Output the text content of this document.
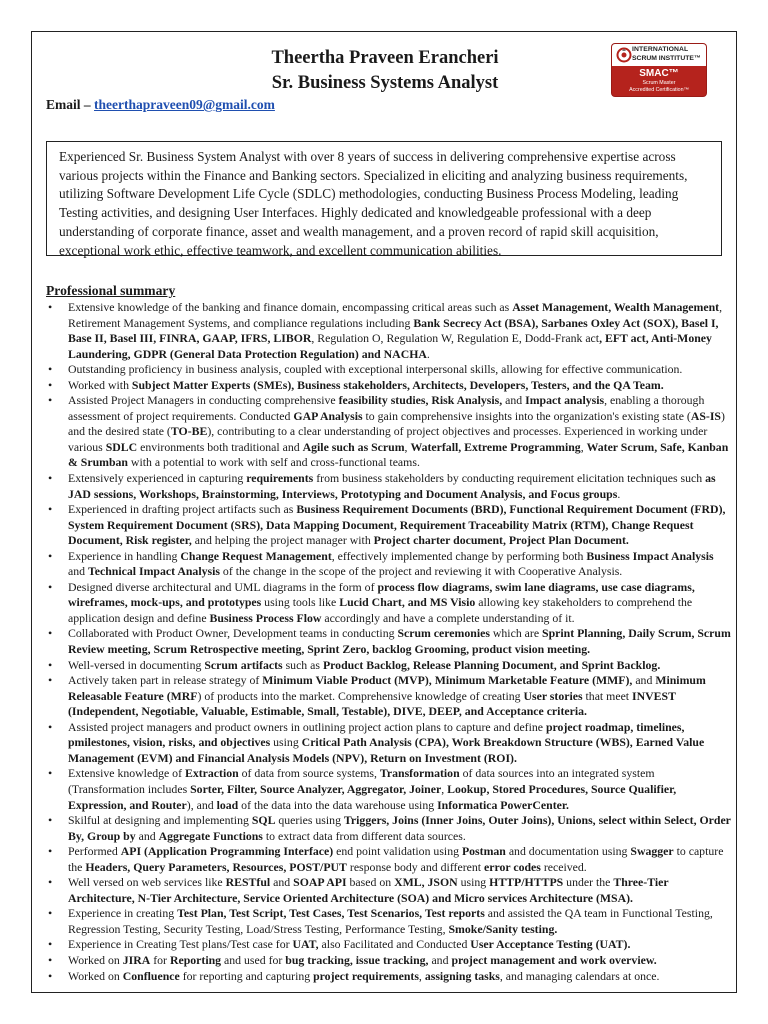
Theertha Praveen Erancheri
Sr. Business Systems Analyst
Email – theerthapraveen09@gmail.com
INTERNATIONAL
SCRUM INSTITUTE™
SMAC™
Scrum Master
Accredited Certification™
Experienced Sr. Business System Analyst with over 8 years of success in delivering comprehensive expertise across various projects within the Finance and Banking sectors. Specialized in eliciting and analyzing business requirements, utilizing Software Development Life Cycle (SDLC) methodologies, conducting Business Process Modeling, leading Testing activities, and designing User Interfaces. Highly dedicated and knowledgeable professional with a deep understanding of corporate finance, asset and wealth management, and a proven record of rapid skill acquisition, exceptional work ethic, effective teamwork, and excellent communication abilities.
Professional summary
• Extensive knowledge of the banking and finance domain, encompassing critical areas such as Asset Management, Wealth Management, Retirement Management Systems, and compliance regulations including Bank Secrecy Act (BSA), Sarbanes Oxley Act (SOX), Basel I, Base II, Basel III, FINRA, GAAP, IFRS, LIBOR, Regulation O, Regulation W, Regulation E, Dodd-Frank act, EFT act, Anti-Money Laundering, GDPR (General Data Protection Regulation) and NACHA.
• Outstanding proficiency in business analysis, coupled with exceptional interpersonal skills, allowing for effective communication.
• Worked with Subject Matter Experts (SMEs), Business stakeholders, Architects, Developers, Testers, and the QA Team.
• Assisted Project Managers in conducting comprehensive feasibility studies, Risk Analysis, and Impact analysis, enabling a thorough assessment of project requirements. Conducted GAP Analysis to gain comprehensive insights into the organization's existing state (AS-IS) and the desired state (TO-BE), contributing to a clear understanding of project objectives and processes. Experienced in working under various SDLC environments both traditional and Agile such as Scrum, Waterfall, Extreme Programming, Water Scrum, Safe, Kanban & Srumban with a potential to work with self and cross-functional teams.
• Extensively experienced in capturing requirements from business stakeholders by conducting requirement elicitation techniques such as JAD sessions, Workshops, Brainstorming, Interviews, Prototyping and Document Analysis, and Focus groups.
• Experienced in drafting project artifacts such as Business Requirement Documents (BRD), Functional Requirement Document (FRD), System Requirement Document (SRS), Data Mapping Document, Requirement Traceability Matrix (RTM), Change Request Document, Risk register, and helping the project manager with Project charter document, Project Plan Document.
• Experience in handling Change Request Management, effectively implemented change by performing both Business Impact Analysis and Technical Impact Analysis of the change in the scope of the project and reviewing it with Cooperative Analysis.
• Designed diverse architectural and UML diagrams in the form of process flow diagrams, swim lane diagrams, use case diagrams, wireframes, mock-ups, and prototypes using tools like Lucid Chart, and MS Visio allowing key stakeholders to comprehend the application design and define Business Process Flow accordingly and have a complete understanding of it.
• Collaborated with Product Owner, Development teams in conducting Scrum ceremonies which are Sprint Planning, Daily Scrum, Scrum Review meeting, Scrum Retrospective meeting, Sprint Zero, backlog Grooming, product vision meeting.
• Well-versed in documenting Scrum artifacts such as Product Backlog, Release Planning Document, and Sprint Backlog.
• Actively taken part in release strategy of Minimum Viable Product (MVP), Minimum Marketable Feature (MMF), and Minimum Releasable Feature (MRF) of products into the market. Comprehensive knowledge of creating User stories that meet INVEST (Independent, Negotiable, Valuable, Estimable, Small, Testable), DIVE, DEEP, and Acceptance criteria.
• Assisted project managers and product owners in outlining project action plans to capture and define project roadmap, timelines, pmilestones, vision, risks, and objectives using Critical Path Analysis (CPA), Work Breakdown Structure (WBS), Earned Value Management (EVM) and Financial Analysis Models (NPV), Return on Investment (ROI).
• Extensive knowledge of Extraction of data from source systems, Transformation of data sources into an integrated system (Transformation includes Sorter, Filter, Source Analyzer, Aggregator, Joiner, Lookup, Stored Procedures, Source Qualifier, Expression, and Router), and load of the data into the data warehouse using Informatica PowerCenter.
• Skilful at designing and implementing SQL queries using Triggers, Joins (Inner Joins, Outer Joins), Unions, select within Select, Order By, Group by and Aggregate Functions to extract data from different data sources.
• Performed API (Application Programming Interface) end point validation using Postman and documentation using Swagger to capture the Headers, Query Parameters, Resources, POST/PUT response body and different error codes received.
• Well versed on web services like RESTful and SOAP API based on XML, JSON using HTTP/HTTPS under the Three-Tier Architecture, N-Tier Architecture, Service Oriented Architecture (SOA) and Micro services Architecture (MSA).
• Experience in creating Test Plan, Test Script, Test Cases, Test Scenarios, Test reports and assisted the QA team in Functional Testing, Regression Testing, Security Testing, Load/Stress Testing, Performance Testing, Smoke/Sanity testing.
• Experience in Creating Test plans/Test case for UAT, also Facilitated and Conducted User Acceptance Testing (UAT).
• Worked on JIRA for Reporting and used for bug tracking, issue tracking, and project management and work overview.
• Worked on Confluence for reporting and capturing project requirements, assigning tasks, and managing calendars at once.
